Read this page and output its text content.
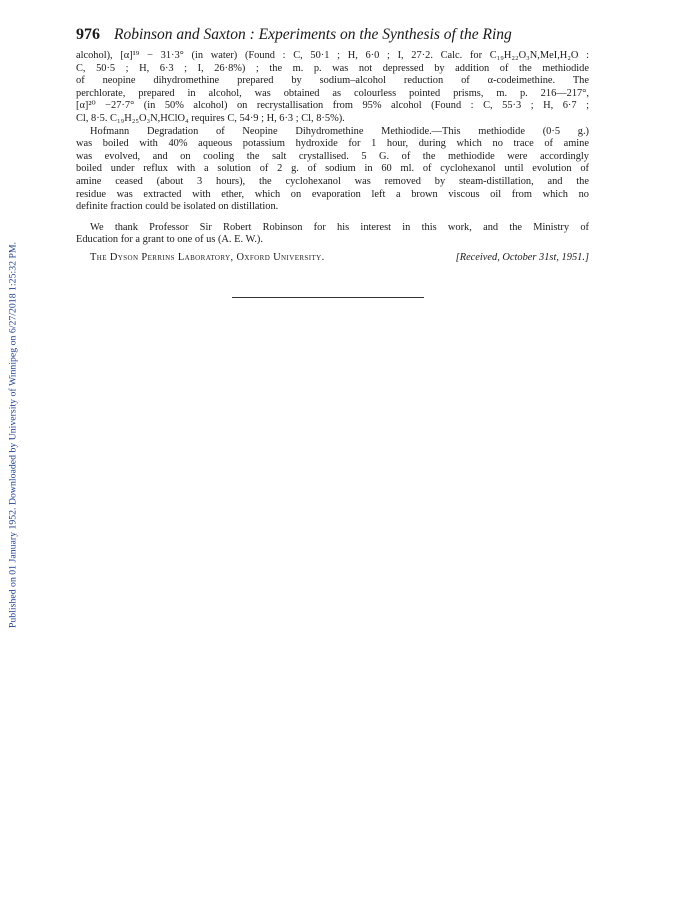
Published on 01 January 1952. Downloaded by University of Winnipeg on 6/27/2018 1:25:32 PM.
976 Robinson and Saxton : Experiments on the Synthesis of the Ring
alcohol), [α]¹⁹ − 31·3° (in water) (Found : C, 50·1 ; H, 6·0 ; I, 27·2. Calc. for C₁₉H₂₂O₃N,MeI,H₂O :
C, 50·5 ; H, 6·3 ; I, 26·8%) ; the m. p. was not depressed by addition of the methiodide
of neopine dihydromethine prepared by sodium–alcohol reduction of α-codeimethine. The
perchlorate, prepared in alcohol, was obtained as colourless pointed prisms, m. p. 216—217°,
[α]²⁰ −27·7° (in 50% alcohol) on recrystallisation from 95% alcohol (Found : C, 55·3 ; H, 6·7 ;
Cl, 8·5. C₁₉H₂₅O₃N,HClO₄ requires C, 54·9 ; H, 6·3 ; Cl, 8·5%).
Hofmann Degradation of Neopine Dihydromethine Methiodide.—This methiodide (0·5 g.)
was boiled with 40% aqueous potassium hydroxide for 1 hour, during which no trace of amine
was evolved, and on cooling the salt crystallised. 5 G. of the methiodide were accordingly
boiled under reflux with a solution of 2 g. of sodium in 60 ml. of cyclohexanol until evolution of
amine ceased (about 3 hours), the cyclohexanol was removed by steam-distillation, and the
residue was extracted with ether, which on evaporation left a brown viscous oil from which no
definite fraction could be isolated on distillation.
We thank Professor Sir Robert Robinson for his interest in this work, and the Ministry of
Education for a grant to one of us (A. E. W.).
The Dyson Perrins Laboratory, Oxford University.	[Received, October 31st, 1951.]
